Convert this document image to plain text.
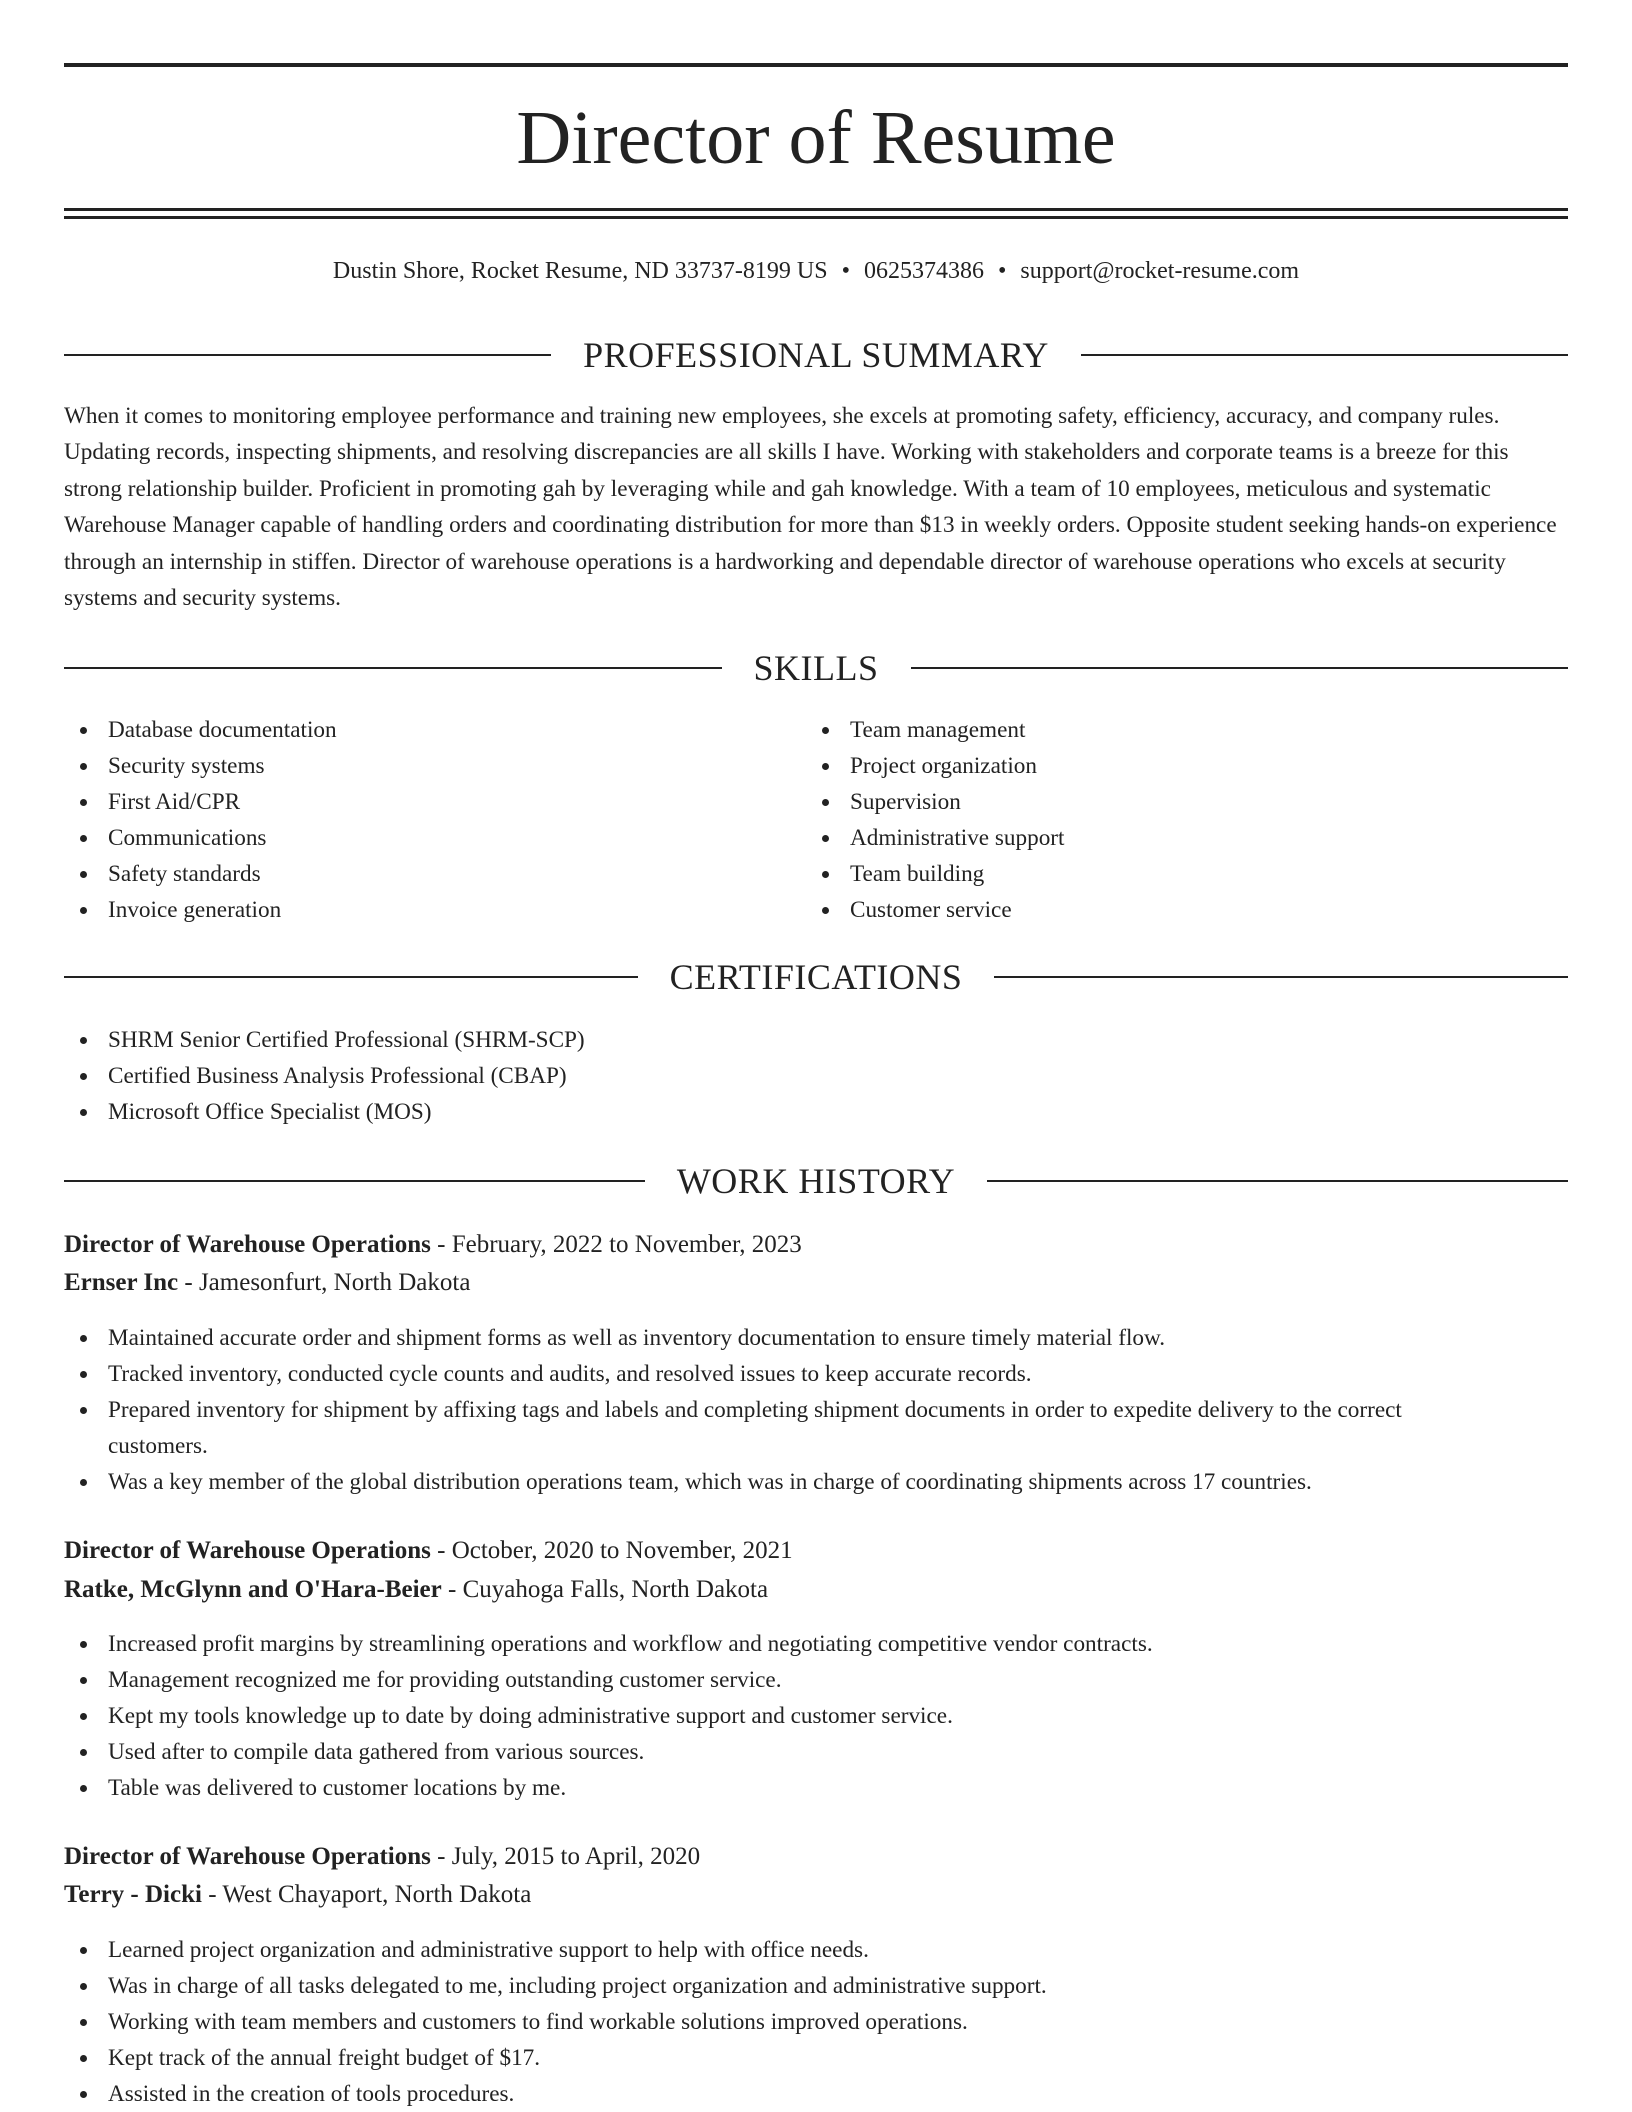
Director of Resume
Dustin Shore, Rocket Resume, ND 33737-8199 US • 0625374386 • support@rocket-resume.com
PROFESSIONAL SUMMARY

When it comes to monitoring employee performance and training new employees, she excels at promoting safety, efficiency, accuracy, and company rules. Updating records, inspecting shipments, and resolving discrepancies are all skills I have. Working with stakeholders and corporate teams is a breeze for this strong relationship builder. Proficient in promoting gah by leveraging while and gah knowledge. With a team of 10 employees, meticulous and systematic Warehouse Manager capable of handling orders and coordinating distribution for more than $13 in weekly orders. Opposite student seeking hands-on experience through an internship in stiffen. Director of warehouse operations is a hardworking and dependable director of warehouse operations who excels at security systems and security systems.

SKILLS
Database documentation
Security systems
First Aid/CPR
Communications
Safety standards
Invoice generation
Team management
Project organization
Supervision
Administrative support
Team building
Customer service
CERTIFICATIONS
SHRM Senior Certified Professional (SHRM-SCP)
Certified Business Analysis Professional (CBAP)
Microsoft Office Specialist (MOS)
WORK HISTORY
Director of Warehouse Operations - February, 2022 to November, 2023
Ernser Inc - Jamesonfurt, North Dakota
Maintained accurate order and shipment forms as well as inventory documentation to ensure timely material flow.
Tracked inventory, conducted cycle counts and audits, and resolved issues to keep accurate records.
Prepared inventory for shipment by affixing tags and labels and completing shipment documents in order to expedite delivery to the correct customers.
Was a key member of the global distribution operations team, which was in charge of coordinating shipments across 17 countries.
Director of Warehouse Operations - October, 2020 to November, 2021
Ratke, McGlynn and O'Hara-Beier - Cuyahoga Falls, North Dakota
Increased profit margins by streamlining operations and workflow and negotiating competitive vendor contracts.
Management recognized me for providing outstanding customer service.
Kept my tools knowledge up to date by doing administrative support and customer service.
Used after to compile data gathered from various sources.
Table was delivered to customer locations by me.
Director of Warehouse Operations - July, 2015 to April, 2020
Terry - Dicki - West Chayaport, North Dakota
Learned project organization and administrative support to help with office needs.
Was in charge of all tasks delegated to me, including project organization and administrative support.
Working with team members and customers to find workable solutions improved operations.
Kept track of the annual freight budget of $17.
Assisted in the creation of tools procedures.
